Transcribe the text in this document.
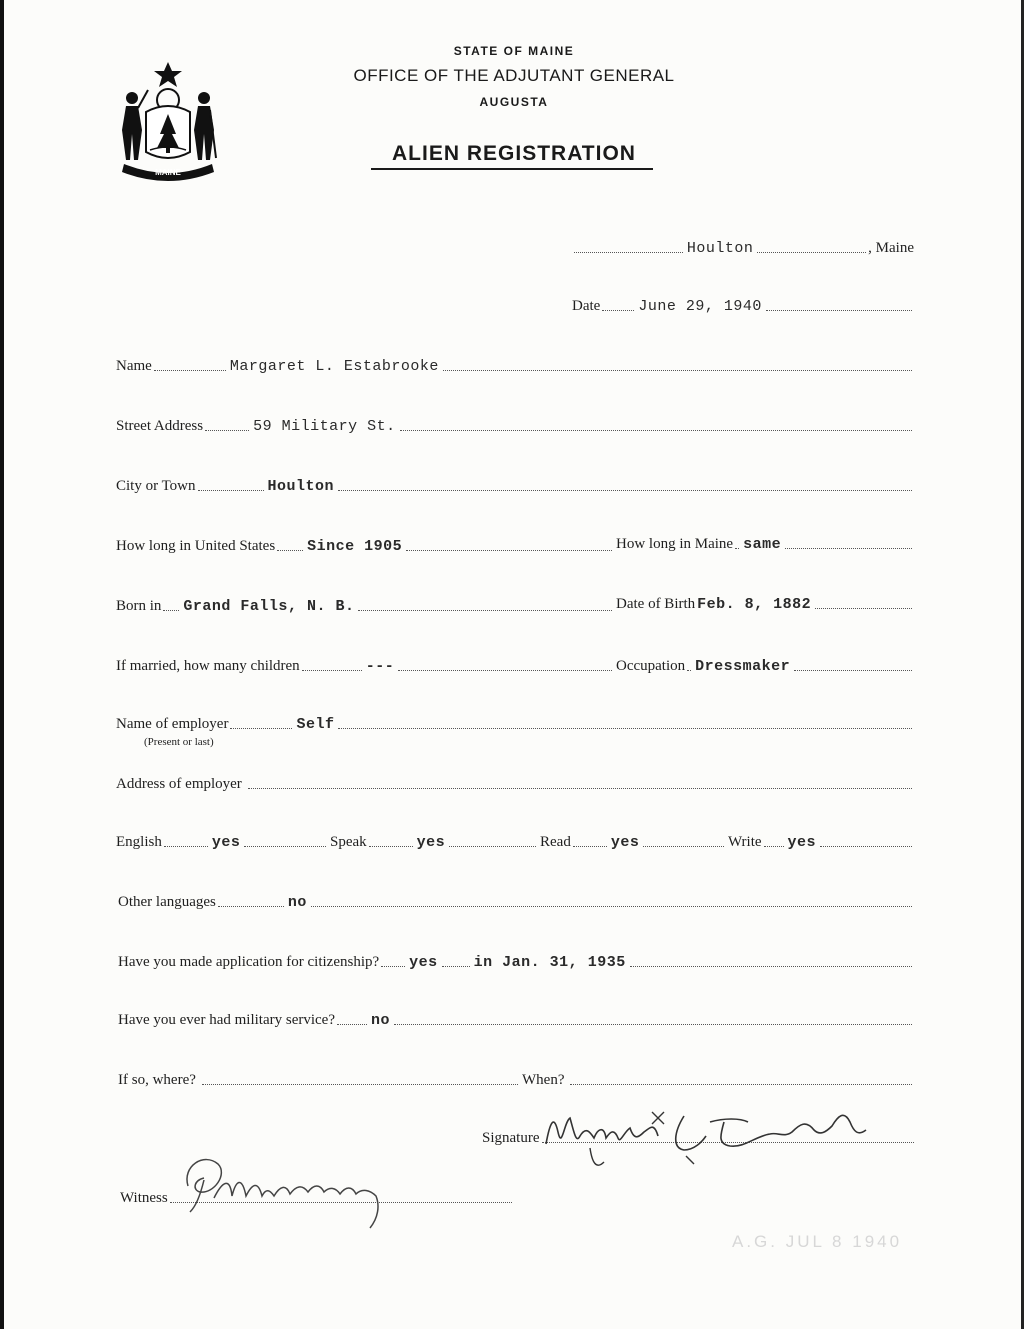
MAINE
STATE OF MAINE
OFFICE OF THE ADJUTANT GENERAL
AUGUSTA
ALIEN REGISTRATION
Houlton	, Maine
Date	June 29, 1940
Name	Margaret L. Estabrooke
Street Address	59 Military St.
City or Town	Houlton
How long in United States Since 1905	How long in Maine same
Born in Grand Falls, N. B.	Date of Birth Feb. 8, 1882
If married, how many children	---	Occupation Dressmaker
Name of employer	Self
(Present or last)
Address of employer
English	yes	Speak	yes	Read	yes	Write yes
Other languages	no
Have you made application for citizenship? yes in Jan. 31, 1935
Have you ever had military service? no
If so, where?	When?
Signature
Witness
A.G. JUL 8 1940
